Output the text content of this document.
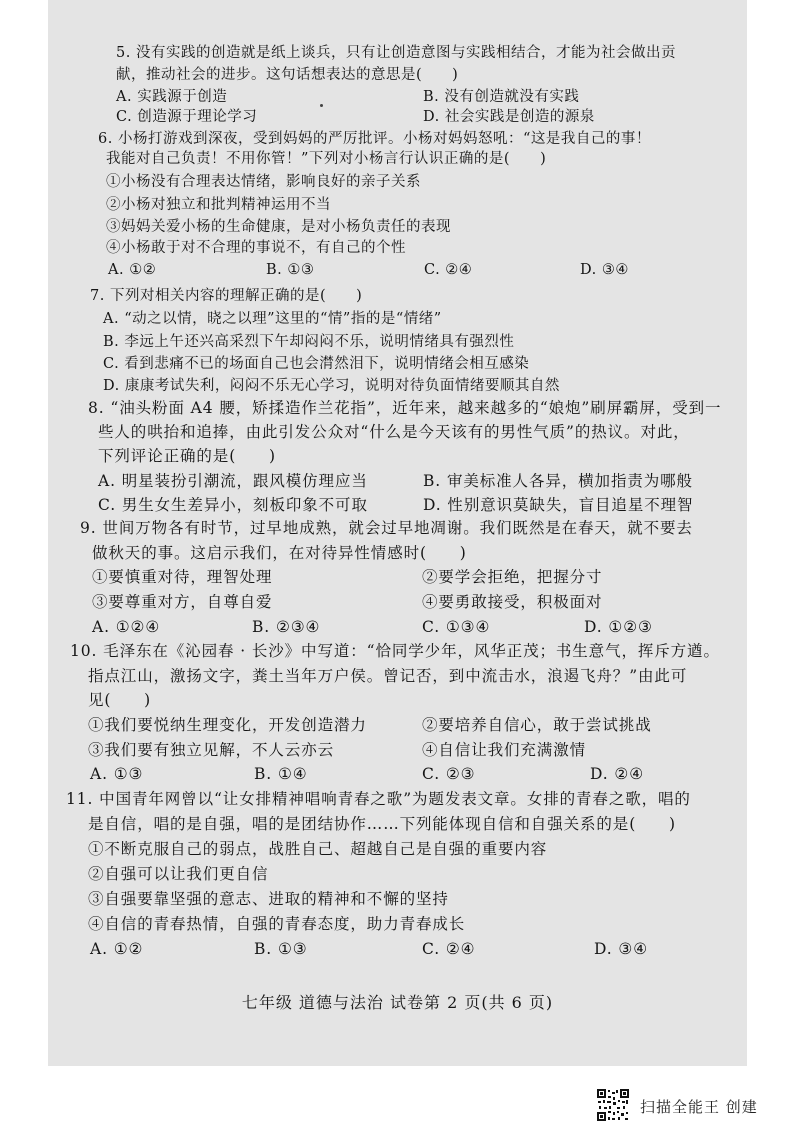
5. 没有实践的创造就是纸上谈兵，只有让创造意图与实践相结合，才能为社会做出贡
献，推动社会的进步。这句话想表达的意思是(　　)
A. 实践源于创造	B. 没有创造就没有实践
C. 创造源于理论学习	D. 社会实践是创造的源泉
6. 小杨打游戏到深夜，受到妈妈的严厉批评。小杨对妈妈怒吼：“这是我自己的事！
我能对自己负责！不用你管！”下列对小杨言行认识正确的是(　　)
①小杨没有合理表达情绪，影响良好的亲子关系
②小杨对独立和批判精神运用不当
③妈妈关爱小杨的生命健康，是对小杨负责任的表现
④小杨敢于对不合理的事说不，有自己的个性
A. ①②	B. ①③	C. ②④	D. ③④
7. 下列对相关内容的理解正确的是(　　)
A. “动之以情，晓之以理”这里的“情”指的是“情绪”
B. 李远上午还兴高采烈下午却闷闷不乐，说明情绪具有强烈性
C. 看到悲痛不已的场面自己也会潸然泪下，说明情绪会相互感染
D. 康康考试失利，闷闷不乐无心学习，说明对待负面情绪要顺其自然
8. “油头粉面 A4 腰，矫揉造作兰花指”，近年来，越来越多的“娘炮”刷屏霸屏，受到一
些人的哄抬和追捧，由此引发公众对“什么是今天该有的男性气质”的热议。对此，
下列评论正确的是(　　)
A. 明星装扮引潮流，跟风模仿理应当	B. 审美标准人各异，横加指责为哪般
C. 男生女生差异小，刻板印象不可取	D. 性别意识莫缺失，盲目追星不理智
9. 世间万物各有时节，过早地成熟，就会过早地凋谢。我们既然是在春天，就不要去
做秋天的事。这启示我们，在对待异性情感时(　　)
①要慎重对待，理智处理	②要学会拒绝，把握分寸
③要尊重对方，自尊自爱	④要勇敢接受，积极面对
A. ①②④	B. ②③④	C. ①③④	D. ①②③
10. 毛泽东在《沁园春 · 长沙》中写道：“恰同学少年，风华正茂；书生意气，挥斥方遒。
指点江山，激扬文字，粪土当年万户侯。曾记否，到中流击水，浪遏飞舟？”由此可
见(　　)
①我们要悦纳生理变化，开发创造潜力	②要培养自信心，敢于尝试挑战
③我们要有独立见解，不人云亦云	④自信让我们充满激情
A. ①③	B. ①④	C. ②③	D. ②④
11. 中国青年网曾以“让女排精神唱响青春之歌”为题发表文章。女排的青春之歌，唱的
是自信，唱的是自强，唱的是团结协作……下列能体现自信和自强关系的是(　　)
①不断克服自己的弱点，战胜自己、超越自己是自强的重要内容
②自强可以让我们更自信
③自强要靠坚强的意志、进取的精神和不懈的坚持
④自信的青春热情，自强的青春态度，助力青春成长
A. ①②	B. ①③	C. ②④	D. ③④
七年级 道德与法治 试卷第 2 页(共 6 页)
扫描全能王 创建
